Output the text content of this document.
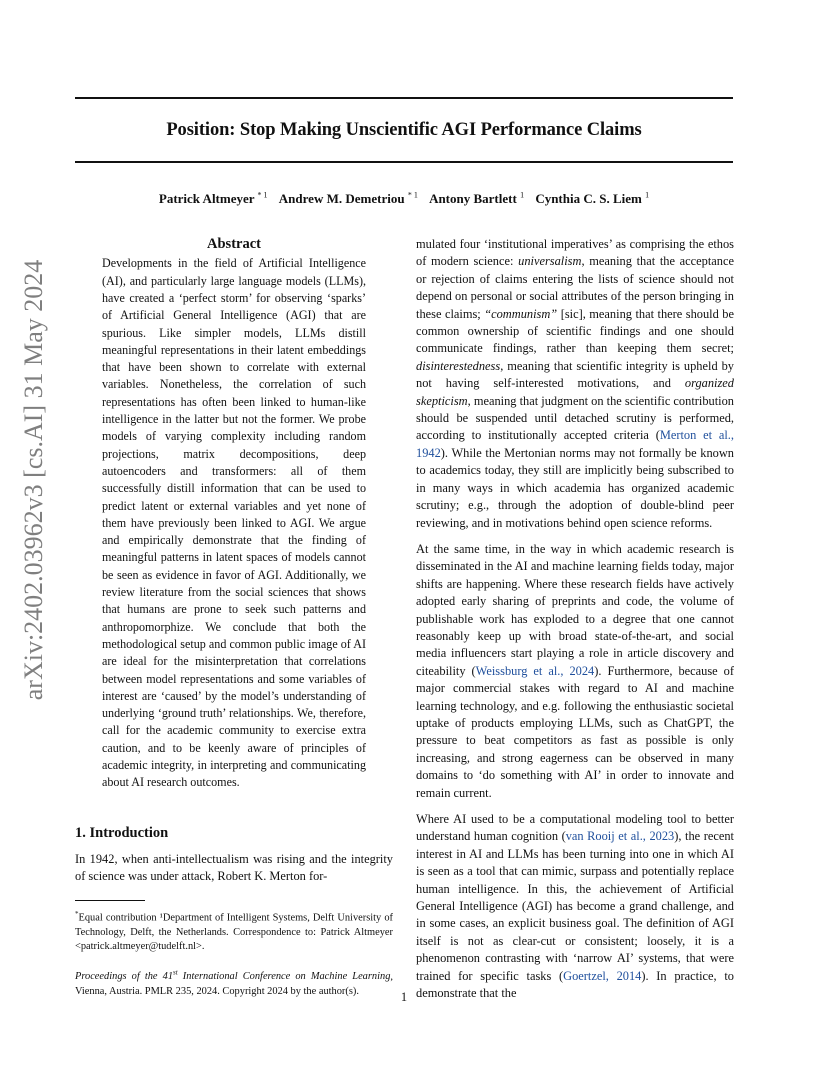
Position: Stop Making Unscientific AGI Performance Claims
Patrick Altmeyer $^{* 1}$ Andrew M. Demetriou $^{* 1}$ Antony Bartlett $^1$ Cynthia C. S. Liem $^1$
arXiv:2402.03962v3 [cs.AI] 31 May 2024
Abstract
Developments in the field of Artificial Intelligence (AI), and particularly large language models (LLMs), have created a ‘perfect storm’ for observing ‘sparks’ of Artificial General Intelligence (AGI) that are spurious. Like simpler models, LLMs distill meaningful representations in their latent embeddings that have been shown to correlate with external variables. Nonetheless, the correlation of such representations has often been linked to human-like intelligence in the latter but not the former. We probe models of varying complexity including random projections, matrix decompositions, deep autoencoders and transformers: all of them successfully distill information that can be used to predict latent or external variables and yet none of them have previously been linked to AGI. We argue and empirically demonstrate that the finding of meaningful patterns in latent spaces of models cannot be seen as evidence in favor of AGI. Additionally, we review literature from the social sciences that shows that humans are prone to seek such patterns and anthropomorphize. We conclude that both the methodological setup and common public image of AI are ideal for the misinterpretation that correlations between model representations and some variables of interest are ‘caused’ by the model’s understanding of underlying ‘ground truth’ relationships. We, therefore, call for the academic community to exercise extra caution, and to be keenly aware of principles of academic integrity, in interpreting and communicating about AI research outcomes.
1. Introduction

In 1942, when anti-intellectualism was rising and the integrity of science was under attack, Robert K. Merton for-

*Equal contribution ¹Department of Intelligent Systems, Delft University of Technology, Delft, the Netherlands. Correspondence to: Patrick Altmeyer <patrick.altmeyer@tudelft.nl>.
Proceedings of the 41st International Conference on Machine Learning, Vienna, Austria. PMLR 235, 2024. Copyright 2024 by the author(s).

mulated four ‘institutional imperatives’ as comprising the ethos of modern science: universalism, meaning that the acceptance or rejection of claims entering the lists of science should not depend on personal or social attributes of the person bringing in these claims; “communism” [sic], meaning that there should be common ownership of scientific findings and one should communicate findings, rather than keeping them secret; disinterestedness, meaning that scientific integrity is upheld by not having self-interested motivations, and organized skepticism, meaning that judgment on the scientific contribution should be suspended until detached scrutiny is performed, according to institutionally accepted criteria (Merton et al., 1942). While the Mertonian norms may not formally be known to academics today, they still are implicitly being subscribed to in many ways in which academia has organized academic scrutiny; e.g., through the adoption of double-blind peer reviewing, and in motivations behind open science reforms.

At the same time, in the way in which academic research is disseminated in the AI and machine learning fields today, major shifts are happening. Where these research fields have actively adopted early sharing of preprints and code, the volume of publishable work has exploded to a degree that one cannot reasonably keep up with broad state-of-the-art, and social media influencers start playing a role in article discovery and citeability (Weissburg et al., 2024). Furthermore, because of major commercial stakes with regard to AI and machine learning technology, and e.g. following the enthusiastic societal uptake of products employing LLMs, such as ChatGPT, the pressure to beat competitors as fast as possible is only increasing, and strong eagerness can be observed in many domains to ‘do something with AI’ in order to innovate and remain current.

Where AI used to be a computational modeling tool to better understand human cognition (van Rooij et al., 2023), the recent interest in AI and LLMs has been turning into one in which AI is seen as a tool that can mimic, surpass and potentially replace human intelligence. In this, the achievement of Artificial General Intelligence (AGI) has become a grand challenge, and in some cases, an explicit business goal. The definition of AGI itself is not as clear-cut or consistent; loosely, it is a phenomenon contrasting with ‘narrow AI’ systems, that were trained for specific tasks (Goertzel, 2014). In practice, to demonstrate that the

1
